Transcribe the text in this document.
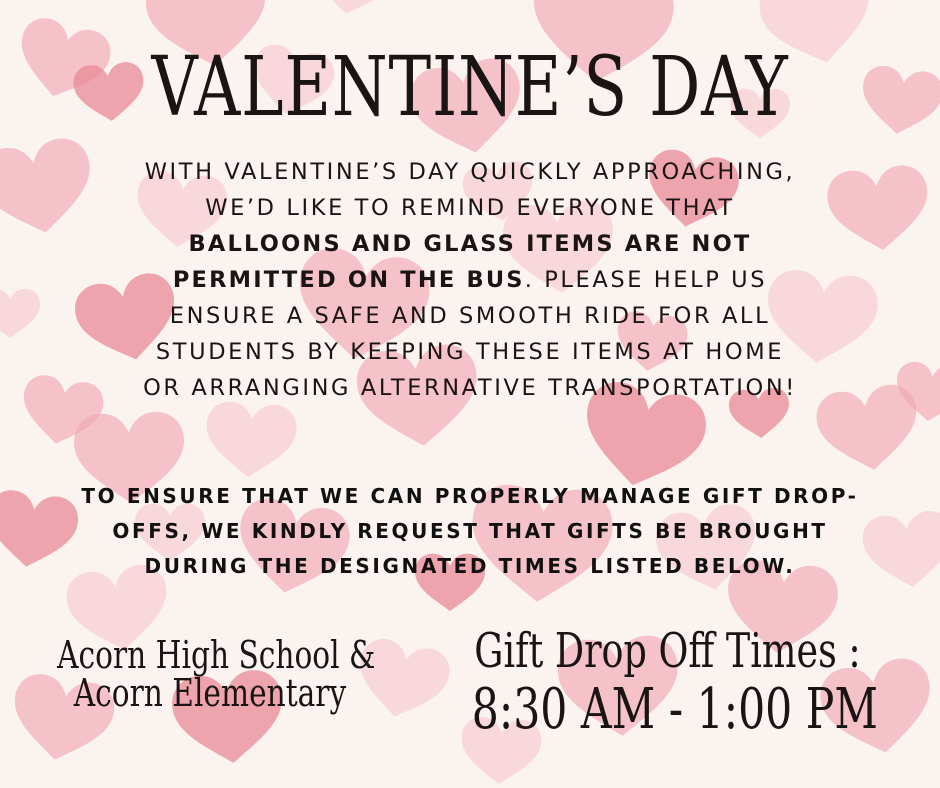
VALENTINE’S DAY
WITH VALENTINE’S DAY QUICKLY APPROACHING,
WE’D LIKE TO REMIND EVERYONE THAT
BALLOONS AND GLASS ITEMS ARE NOT
PERMITTED ON THE BUS. PLEASE HELP US
ENSURE A SAFE AND SMOOTH RIDE FOR ALL
STUDENTS BY KEEPING THESE ITEMS AT HOME
OR ARRANGING ALTERNATIVE TRANSPORTATION!
TO ENSURE THAT WE CAN PROPERLY MANAGE GIFT DROP-
OFFS, WE KINDLY REQUEST THAT GIFTS BE BROUGHT
DURING THE DESIGNATED TIMES LISTED BELOW.
Acorn High School &
Acorn Elementary
Gift Drop Off Times :
8:30 AM - 1:00 PM
